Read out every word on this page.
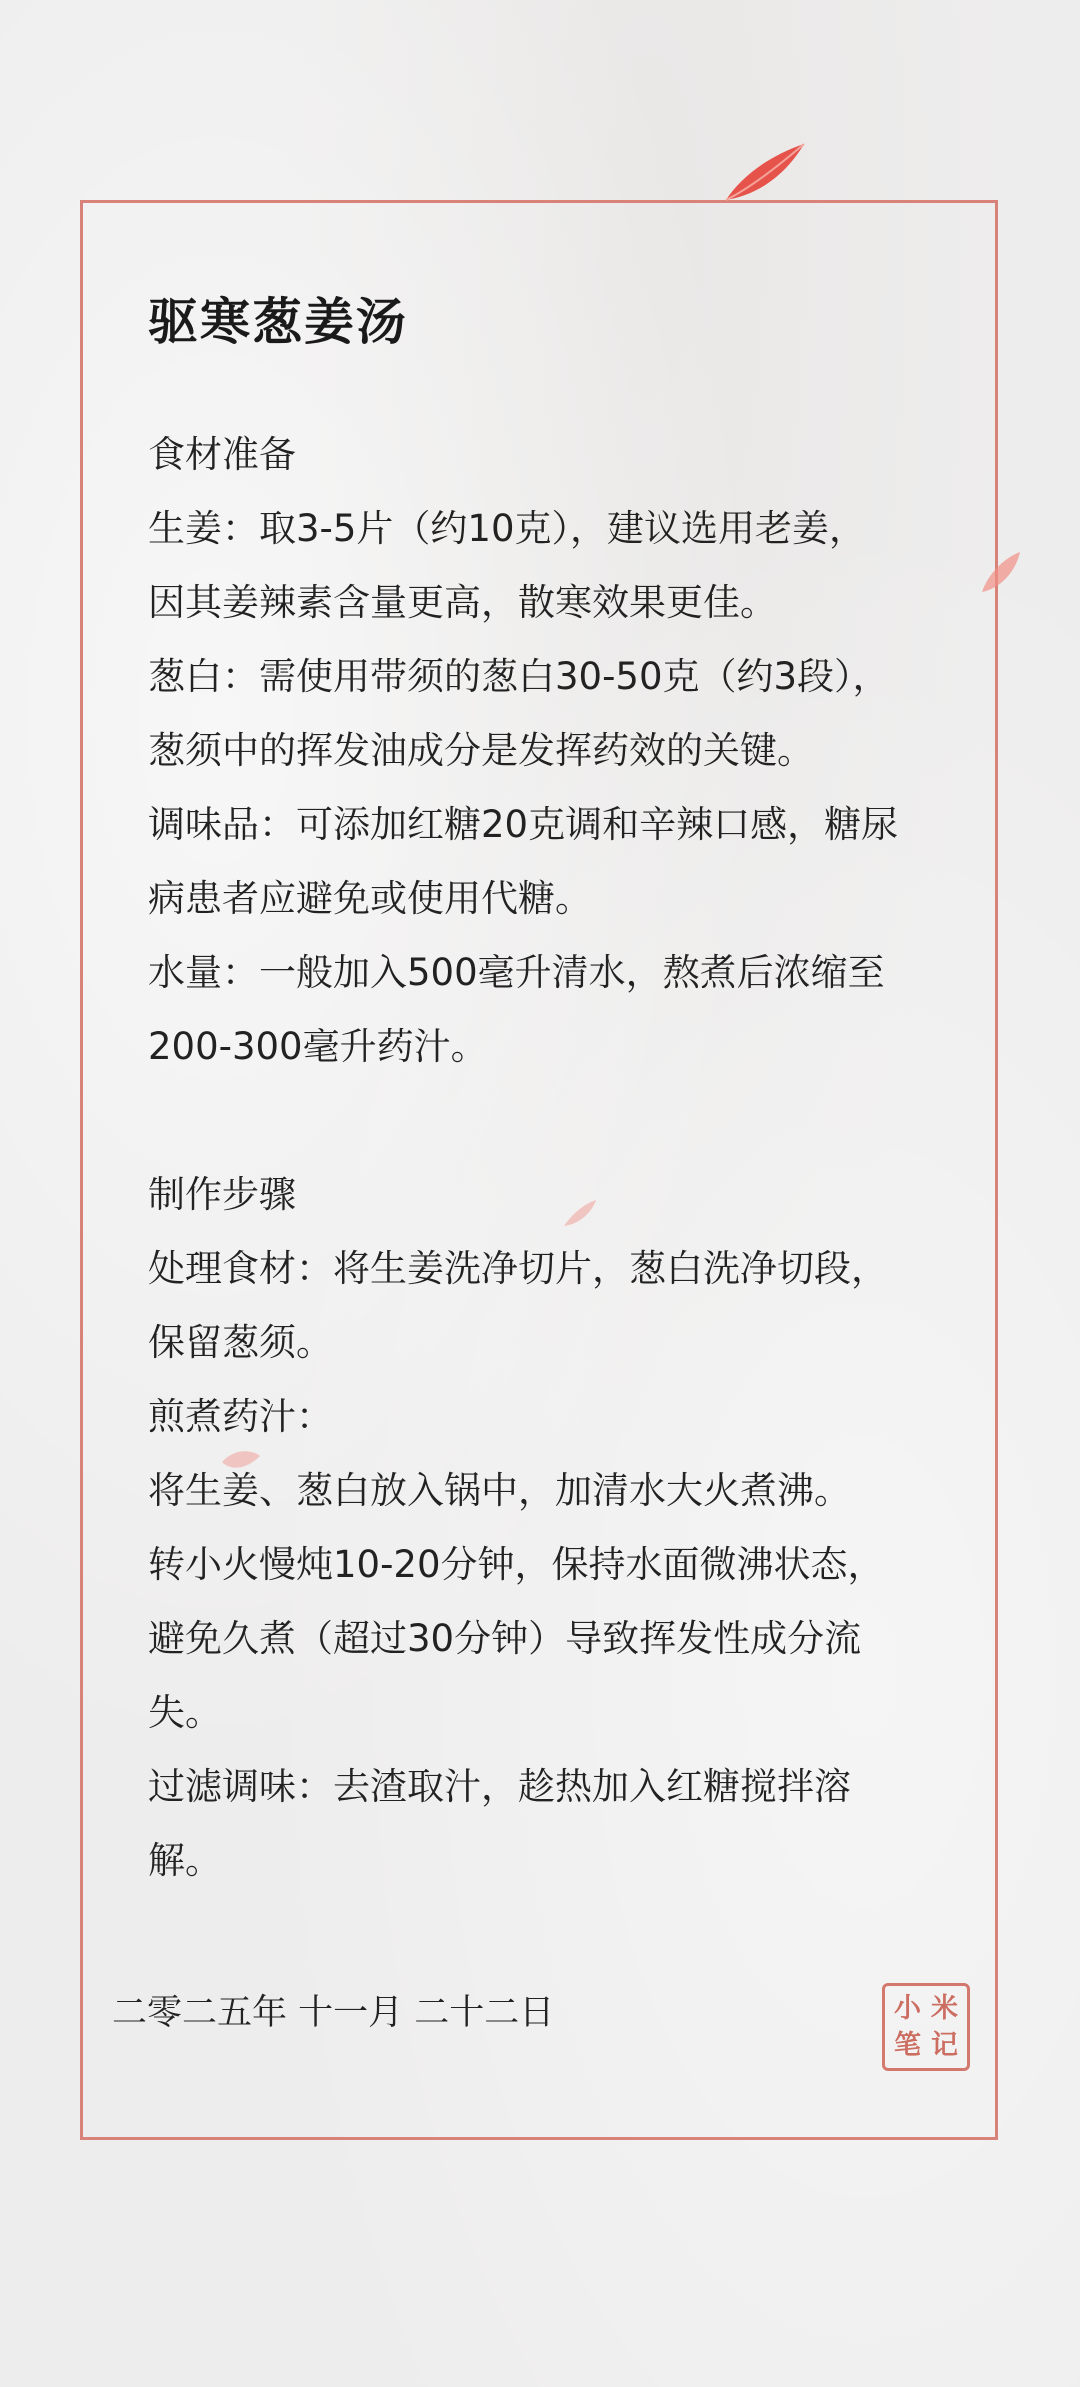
驱寒葱姜汤
食材准备
生姜：取3-5片（约10克），建议选用老姜，
因其姜辣素含量更高，散寒效果更佳。
葱白：需使用带须的葱白30-50克（约3段），
葱须中的挥发油成分是发挥药效的关键。
调味品：可添加红糖20克调和辛辣口感，糖尿
病患者应避免或使用代糖。
水量：一般加入500毫升清水，熬煮后浓缩至
200-300毫升药汁。
制作步骤
处理食材：将生姜洗净切片，葱白洗净切段，
保留葱须。
煎煮药汁：
将生姜、葱白放入锅中，加清水大火煮沸。
转小火慢炖10-20分钟，保持水面微沸状态，
避免久煮（超过30分钟）导致挥发性成分流
失。
过滤调味：去渣取汁，趁热加入红糖搅拌溶
解。
二零二五年 十一月 二十二日	小 米
笔 记
